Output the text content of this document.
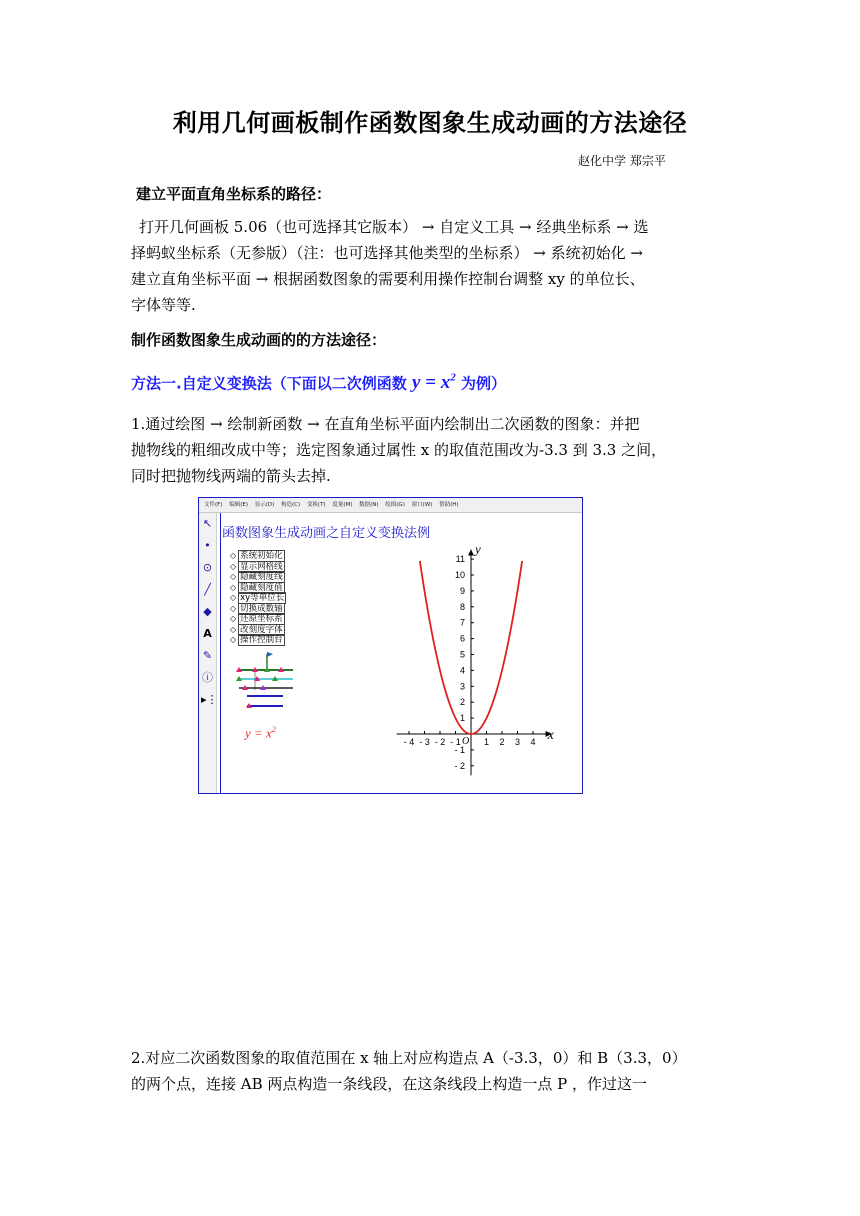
利用几何画板制作函数图象生成动画的方法途径
赵化中学 郑宗平
建立平面直角坐标系的路径：
打开几何画板 5.06（也可选择其它版本） → 自定义工具 → 经典坐标系 → 选
择蚂蚁坐标系（无参版）（注：也可选择其他类型的坐标系） → 系统初始化 →
建立直角坐标平面 → 根据函数图象的需要利用操作控制台调整 xy 的单位长、
字体等等.
制作函数图象生成动画的的方法途径：
方法一.自定义变换法（下面以二次例函数 $y = x^2$ 为例）
1.通过绘图 → 绘制新函数 → 在直角坐标平面内绘制出二次函数的图象：并把
抛物线的粗细改成中等；选定图象通过属性 x 的取值范围改为-3.3 到 3.3 之间，
同时把抛物线两端的箭头去掉.
文件(F) 编辑(E) 显示(D) 构造(C) 变换(T) 度量(M) 数据(N) 绘图(G) 窗口(W) 帮助(H)
↖
•
⊙
╱
◆
A
✎
ⓘ
▸⋮
函数图象生成动画之自定义变换法例
◇ 系统初始化
◇ 显示网格线
◇ 隐藏刻度线
◇ 隐藏刻度值
◇ xy等单位长
◇ 切换成数轴
◇ 还原坐标系
◇ 改刻度字体
◇ 操作控制台
$y = x^2$
- 4 - 3 - 2 - 1	1 2 3 4
11
10
9
8
7
6
5
4
3
2
1
- 1
- 2
O	x
y
2.对应二次函数图象的取值范围在 x 轴上对应构造点 A（-3.3，0）和 B（3.3，0）
的两个点，连接 AB 两点构造一条线段，在这条线段上构造一点 P ，作过这一
